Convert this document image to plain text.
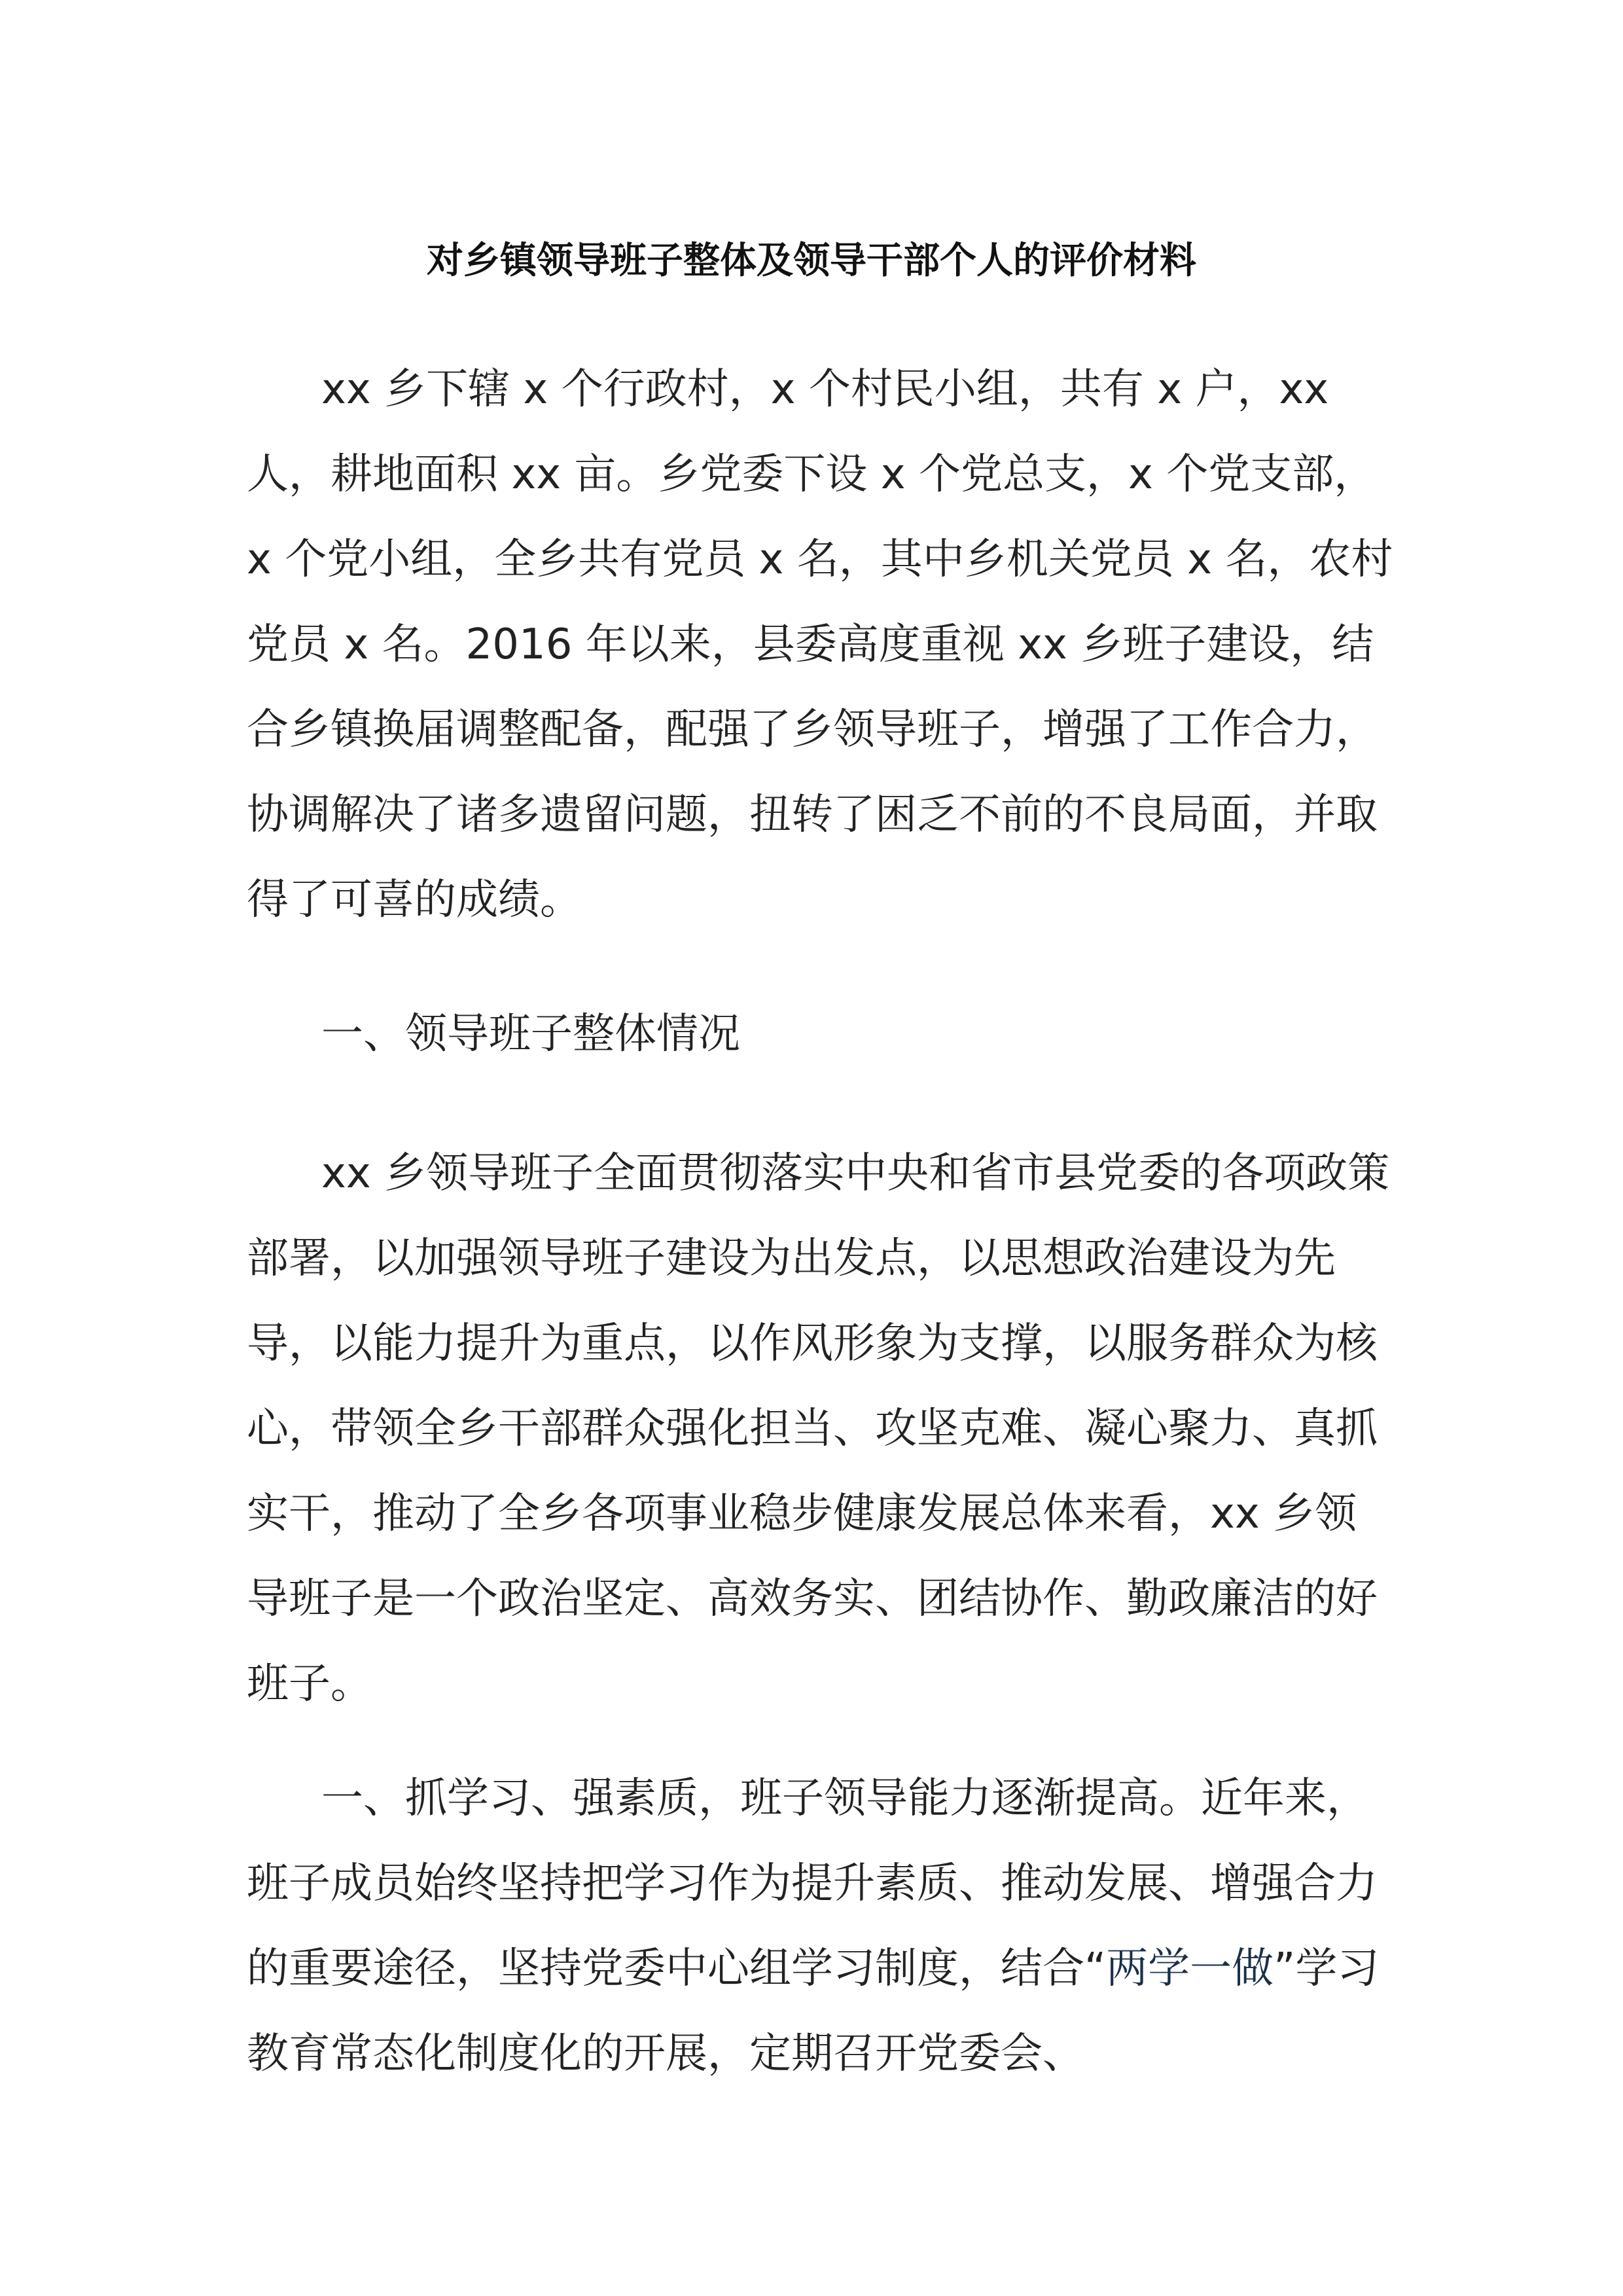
对乡镇领导班子整体及领导干部个人的评价材料

xx 乡下辖 x 个行政村，x 个村民小组，共有 x 户，xx 人，耕地面积 xx 亩。乡党委下设 x 个党总支，x 个党支部，x 个党小组，全乡共有党员 x 名，其中乡机关党员 x 名，农村党员 x 名。2016 年以来，县委高度重视 xx 乡班子建设，结合乡镇换届调整配备，配强了乡领导班子，增强了工作合力，协调解决了诸多遗留问题，扭转了困乏不前的不良局面，并取得了可喜的成绩。

一、领导班子整体情况

xx 乡领导班子全面贯彻落实中央和省市县党委的各项政策部署，以加强领导班子建设为出发点，以思想政治建设为先导，以能力提升为重点，以作风形象为支撑，以服务群众为核心，带领全乡干部群众强化担当、攻坚克难、凝心聚力、真抓实干，推动了全乡各项事业稳步健康发展总体来看，xx 乡领导班子是一个政治坚定、高效务实、团结协作、勤政廉洁的好班子。

一、抓学习、强素质，班子领导能力逐渐提高。近年来，班子成员始终坚持把学习作为提升素质、推动发展、增强合力的重要途径，坚持党委中心组学习制度，结合“两学一做”学习教育常态化制度化的开展，定期召开党委会、
